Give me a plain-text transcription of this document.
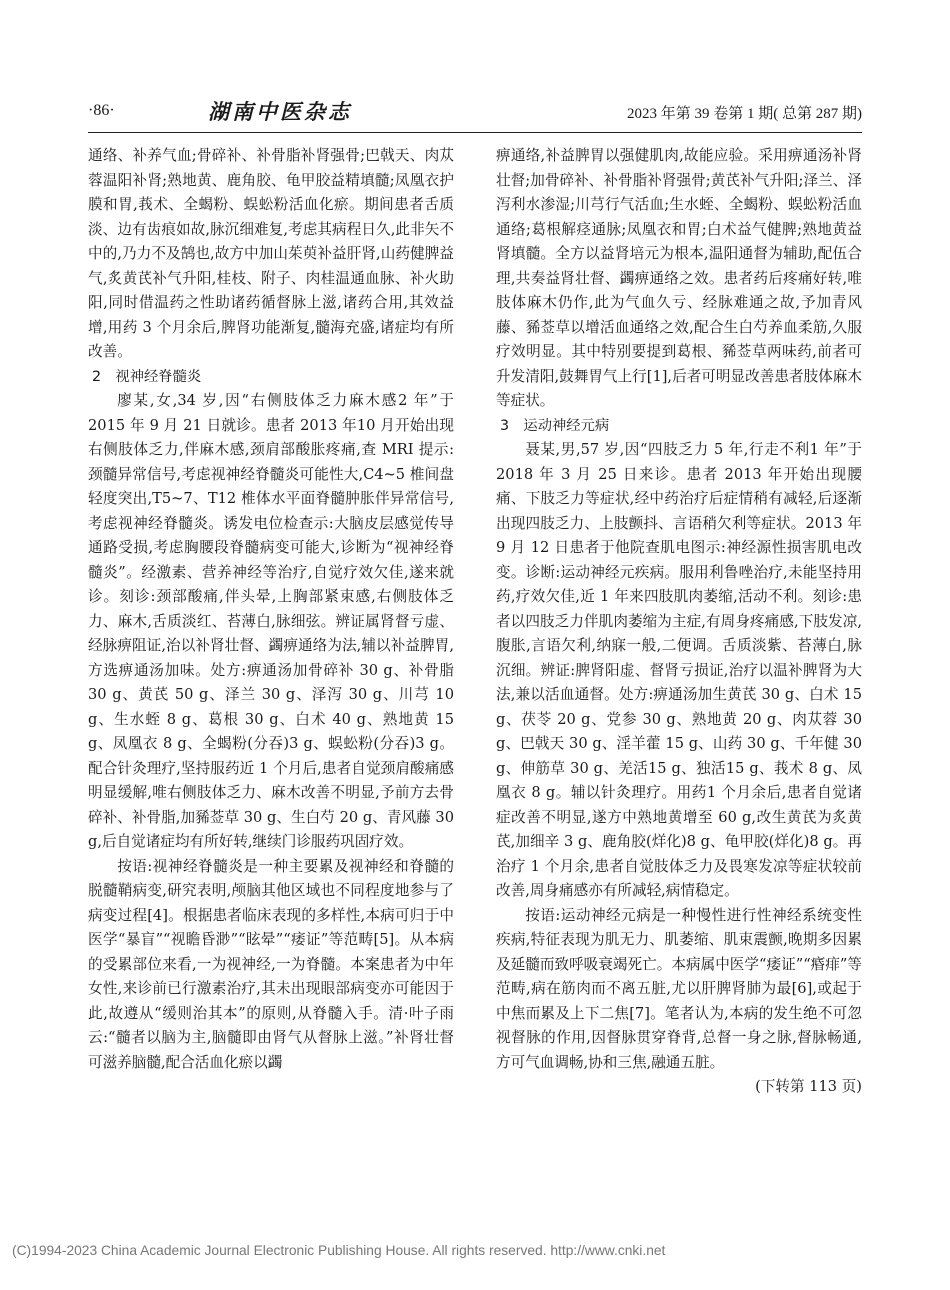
·86·	湖南中医杂志	2023 年第 39 卷第 1 期( 总第 287 期)

通络、补养气血;骨碎补、补骨脂补肾强骨;巴戟天、肉苁蓉温阳补肾;熟地黄、鹿角胶、龟甲胶益精填髓;凤凰衣护膜和胃,莪术、全蝎粉、蜈蚣粉活血化瘀。期间患者舌质淡、边有齿痕如故,脉沉细难复,考虑其病程日久,此非矢不中的,乃力不及鹄也,故方中加山茱萸补益肝肾,山药健脾益气,炙黄芪补气升阳,桂枝、附子、肉桂温通血脉、补火助阳,同时借温药之性助诸药循督脉上滋,诸药合用,其效益增,用药 3 个月余后,脾肾功能渐复,髓海充盛,诸症均有所改善。

2　视神经脊髓炎

廖某,女,34 岁,因“右侧肢体乏力麻木感2 年”于 2015 年 9 月 21 日就诊。患者 2013 年10 月开始出现右侧肢体乏力,伴麻木感,颈肩部酸胀疼痛,查 MRI 提示:颈髓异常信号,考虑视神经脊髓炎可能性大,C4~5 椎间盘轻度突出,T5~7、T12 椎体水平面脊髓肿胀伴异常信号,考虑视神经脊髓炎。诱发电位检查示:大脑皮层感觉传导通路受损,考虑胸腰段脊髓病变可能大,诊断为“视神经脊髓炎”。经激素、营养神经等治疗,自觉疗效欠佳,遂来就诊。刻诊:颈部酸痛,伴头晕,上胸部紧束感,右侧肢体乏力、麻木,舌质淡红、苔薄白,脉细弦。辨证属肾督亏虚、经脉痹阻证,治以补肾壮督、蠲痹通络为法,辅以补益脾胃,方选痹通汤加味。处方:痹通汤加骨碎补 30 g、补骨脂 30 g、黄芪 50 g、泽兰 30 g、泽泻 30 g、川芎 10 g、生水蛭 8 g、葛根 30 g、白术 40 g、熟地黄 15 g、凤凰衣 8 g、全蝎粉(分吞)3 g、蜈蚣粉(分吞)3 g。配合针灸理疗,坚持服药近 1 个月后,患者自觉颈肩酸痛感明显缓解,唯右侧肢体乏力、麻木改善不明显,予前方去骨碎补、补骨脂,加豨莶草 30 g、生白芍 20 g、青风藤 30 g,后自觉诸症均有所好转,继续门诊服药巩固疗效。

按语:视神经脊髓炎是一种主要累及视神经和脊髓的脱髓鞘病变,研究表明,颅脑其他区域也不同程度地参与了病变过程[4]。根据患者临床表现的多样性,本病可归于中医学“暴盲”“视瞻昏渺”“眩晕”“痿证”等范畴[5]。从本病的受累部位来看,一为视神经,一为脊髓。本案患者为中年女性,来诊前已行激素治疗,其未出现眼部病变亦可能因于此,故遵从“缓则治其本”的原则,从脊髓入手。清·叶子雨云:“髓者以脑为主,脑髓即由肾气从督脉上滋。”补肾壮督可滋养脑髓,配合活血化瘀以蠲

痹通络,补益脾胃以强健肌肉,故能应验。采用痹通汤补肾壮督;加骨碎补、补骨脂补肾强骨;黄芪补气升阳;泽兰、泽泻利水渗湿;川芎行气活血;生水蛭、全蝎粉、蜈蚣粉活血通络;葛根解痉通脉;凤凰衣和胃;白术益气健脾;熟地黄益肾填髓。全方以益肾培元为根本,温阳通督为辅助,配伍合理,共奏益肾壮督、蠲痹通络之效。患者药后疼痛好转,唯肢体麻木仍作,此为气血久亏、经脉难通之故,予加青风藤、豨莶草以增活血通络之效,配合生白芍养血柔筋,久服疗效明显。其中特别要提到葛根、豨莶草两味药,前者可升发清阳,鼓舞胃气上行[1],后者可明显改善患者肢体麻木等症状。

3　运动神经元病

聂某,男,57 岁,因“四肢乏力 5 年,行走不利1 年”于 2018 年 3 月 25 日来诊。患者 2013 年开始出现腰痛、下肢乏力等症状,经中药治疗后症情稍有减轻,后逐渐出现四肢乏力、上肢颤抖、言语稍欠利等症状。2013 年 9 月 12 日患者于他院查肌电图示:神经源性损害肌电改变。诊断:运动神经元疾病。服用利鲁唑治疗,未能坚持用药,疗效欠佳,近 1 年来四肢肌肉萎缩,活动不利。刻诊:患者以四肢乏力伴肌肉萎缩为主症,有周身疼痛感,下肢发凉,腹胀,言语欠利,纳寐一般,二便调。舌质淡紫、苔薄白,脉沉细。辨证:脾肾阳虚、督肾亏损证,治疗以温补脾肾为大法,兼以活血通督。处方:痹通汤加生黄芪 30 g、白术 15 g、茯苓 20 g、党参 30 g、熟地黄 20 g、肉苁蓉 30 g、巴戟天 30 g、淫羊藿 15 g、山药 30 g、千年健 30 g、伸筋草 30 g、羌活15 g、独活15 g、莪术 8 g、凤凰衣 8 g。辅以针灸理疗。用药1 个月余后,患者自觉诸症改善不明显,遂方中熟地黄增至 60 g,改生黄芪为炙黄芪,加细辛 3 g、鹿角胶(烊化)8 g、龟甲胶(烊化)8 g。再治疗 1 个月余,患者自觉肢体乏力及畏寒发凉等症状较前改善,周身痛感亦有所减轻,病情稳定。

按语:运动神经元病是一种慢性进行性神经系统变性疾病,特征表现为肌无力、肌萎缩、肌束震颤,晚期多因累及延髓而致呼吸衰竭死亡。本病属中医学“痿证”“痻痱”等范畴,病在筋肉而不离五脏,尤以肝脾肾肺为最[6],或起于中焦而累及上下二焦[7]。笔者认为,本病的发生绝不可忽视督脉的作用,因督脉贯穿脊背,总督一身之脉,督脉畅通,方可气血调畅,协和三焦,融通五脏。

(下转第 113 页)

(C)1994-2023 China Academic Journal Electronic Publishing House. All rights reserved. http://www.cnki.net
